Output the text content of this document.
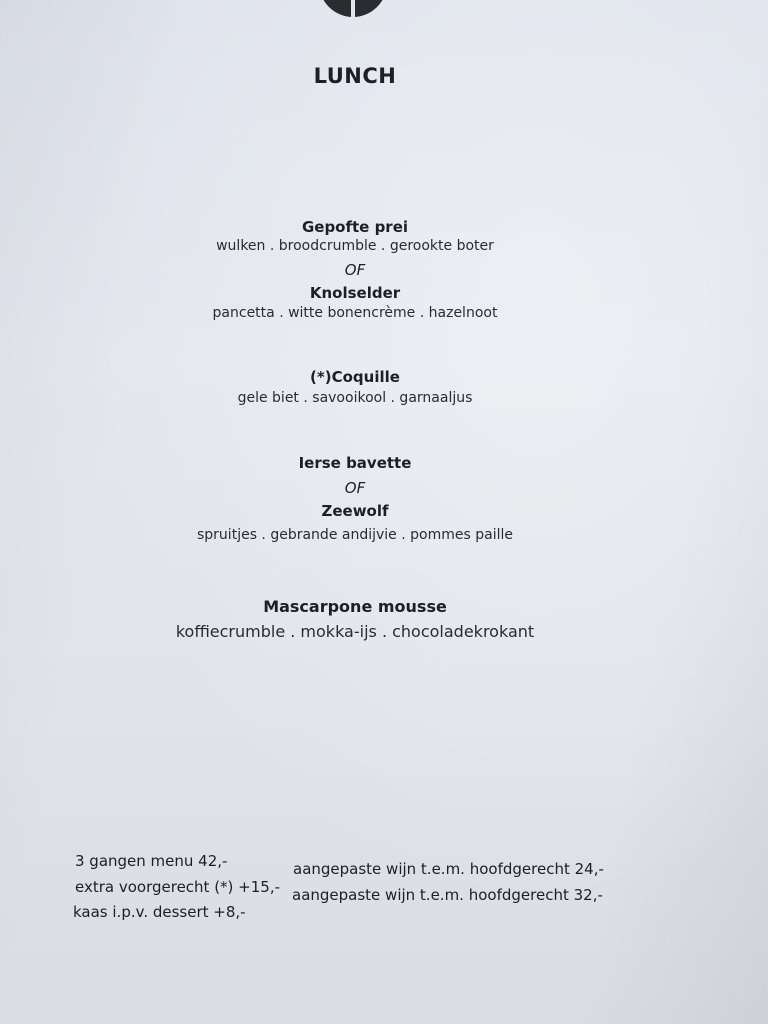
LUNCH
Gepofte prei
wulken . broodcrumble . gerookte boter
OF
Knolselder
pancetta . witte bonencrème . hazelnoot
(*)Coquille
gele biet . savooikool . garnaaljus
Ierse bavette
OF
Zeewolf
spruitjes . gebrande andijvie . pommes paille
Mascarpone mousse
koffiecrumble . mokka-ijs . chocoladekrokant
3 gangen menu 42,-
extra voorgerecht (*) +15,-
kaas i.p.v. dessert +8,-
aangepaste wijn t.e.m. hoofdgerecht 24,-
aangepaste wijn t.e.m. hoofdgerecht 32,-
